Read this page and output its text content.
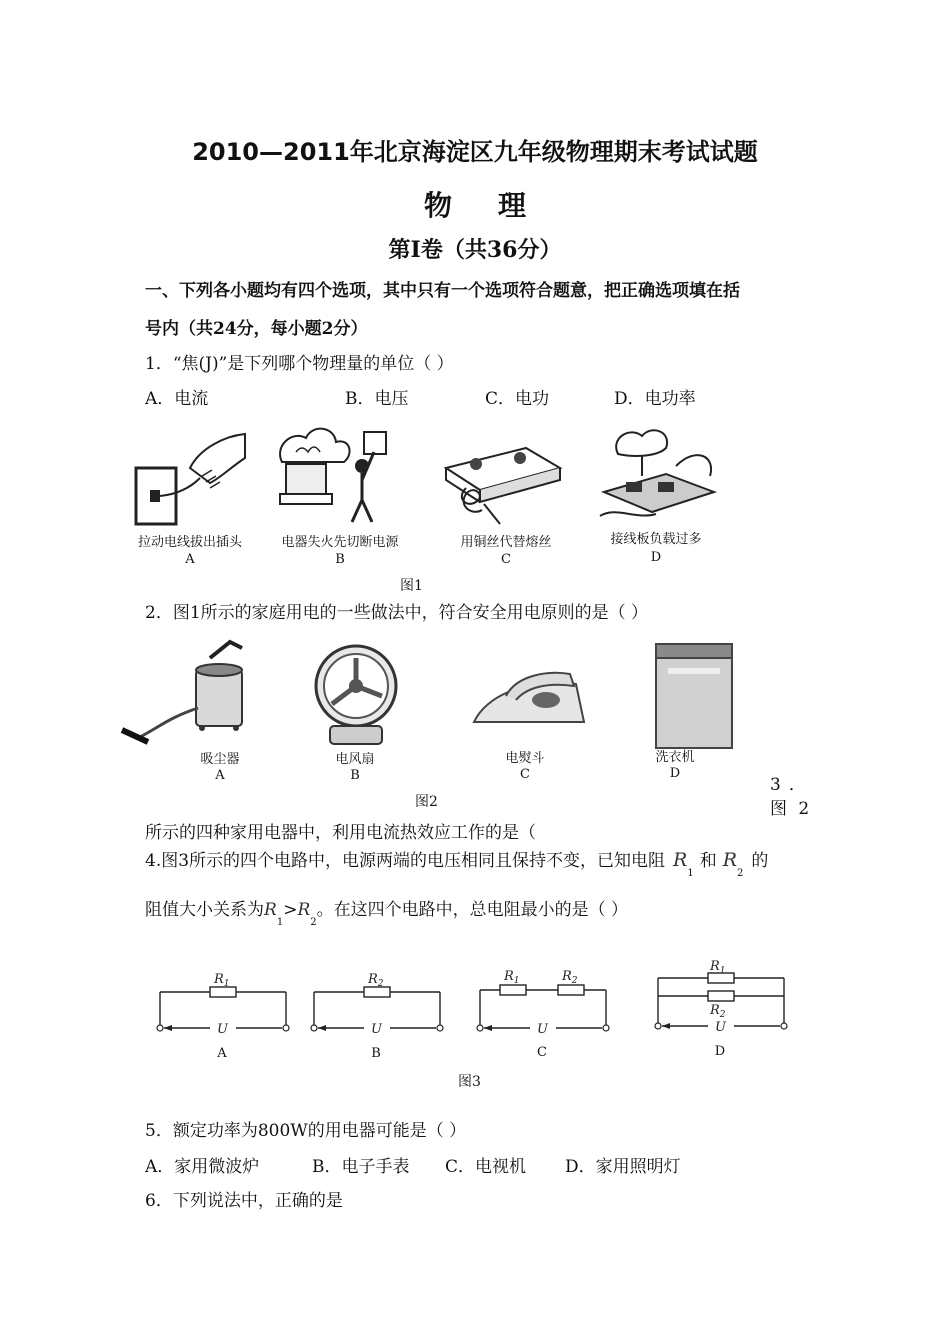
2010—2011年北京海淀区九年级物理期末考试试题
物理
第Ⅰ卷（共36分）
一、下列各小题均有四个选项，其中只有一个选项符合题意，把正确选项填在括
号内（共24分，每小题2分）
1．“焦(J)”是下列哪个物理量的单位（ ）
A．电流	B．电压	C．电功	D．电功率
拉动电线拔出插头	电器失火先切断电源	用铜丝代替熔丝	接线板负载过多
A	B	C	D
图1
2．图1所示的家庭用电的一些做法中，符合安全用电原则的是（ ）
吸尘器	电风扇	电熨斗	洗衣机
A	B	C	D
图2
3．
图 2
所示的四种家用电器中，利用电流热效应工作的是（
4.图3所示的四个电路中，电源两端的电压相同且保持不变，已知电阻 $R_1$和 $R_2$的
阻值大小关系为$R_1>R_2$。在这四个电路中，总电阻最小的是（ ）
$R_1$
U
$R_2$
U
$R_1$	$R_2$
U
$R_1$
$R_2$
U
A	B	C	D
图3
5．额定功率为800W的用电器可能是（ ）
A．家用微波炉	B．电子手表 C．电视机 D．家用照明灯
6．下列说法中，正确的是
